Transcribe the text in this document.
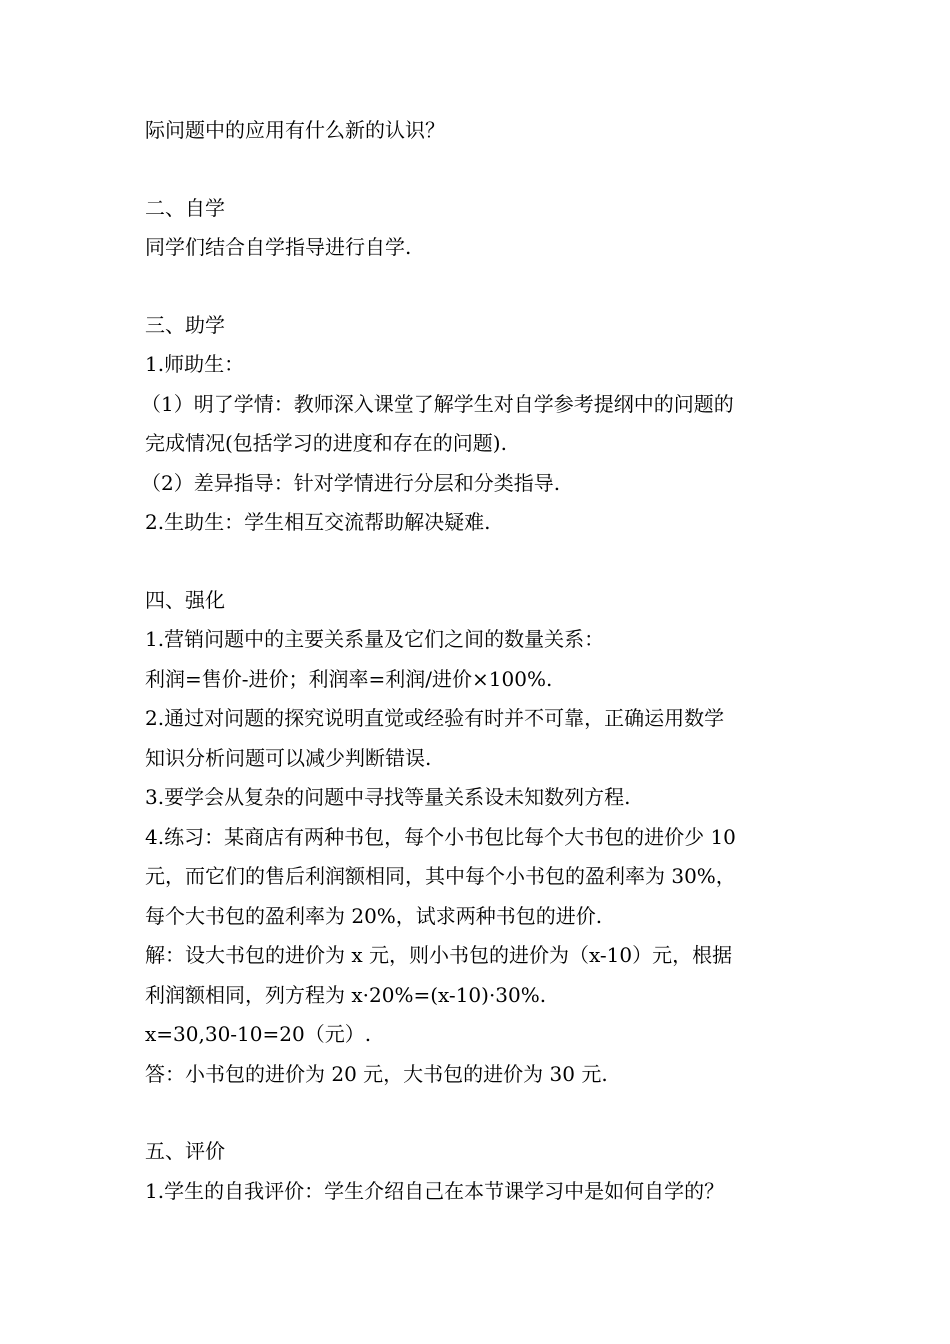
际问题中的应用有什么新的认识？

二、自学

同学们结合自学指导进行自学.

三、助学

1.师助生：

（1）明了学情：教师深入课堂了解学生对自学参考提纲中的问题的

完成情况(包括学习的进度和存在的问题).

（2）差异指导：针对学情进行分层和分类指导.

2.生助生：学生相互交流帮助解决疑难.

四、强化

1.营销问题中的主要关系量及它们之间的数量关系：

利润=售价-进价；利润率=利润/进价×100%.

2.通过对问题的探究说明直觉或经验有时并不可靠，正确运用数学

知识分析问题可以减少判断错误.

3.要学会从复杂的问题中寻找等量关系设未知数列方程.

4.练习：某商店有两种书包，每个小书包比每个大书包的进价少 10

元，而它们的售后利润额相同，其中每个小书包的盈利率为 30%，

每个大书包的盈利率为 20%，试求两种书包的进价.

解：设大书包的进价为 x 元，则小书包的进价为（x-10）元，根据

利润额相同，列方程为 x·20%=(x-10)·30%.

x=30,30-10=20（元）.

答：小书包的进价为 20 元，大书包的进价为 30 元.

五、评价

1.学生的自我评价：学生介绍自己在本节课学习中是如何自学的？
